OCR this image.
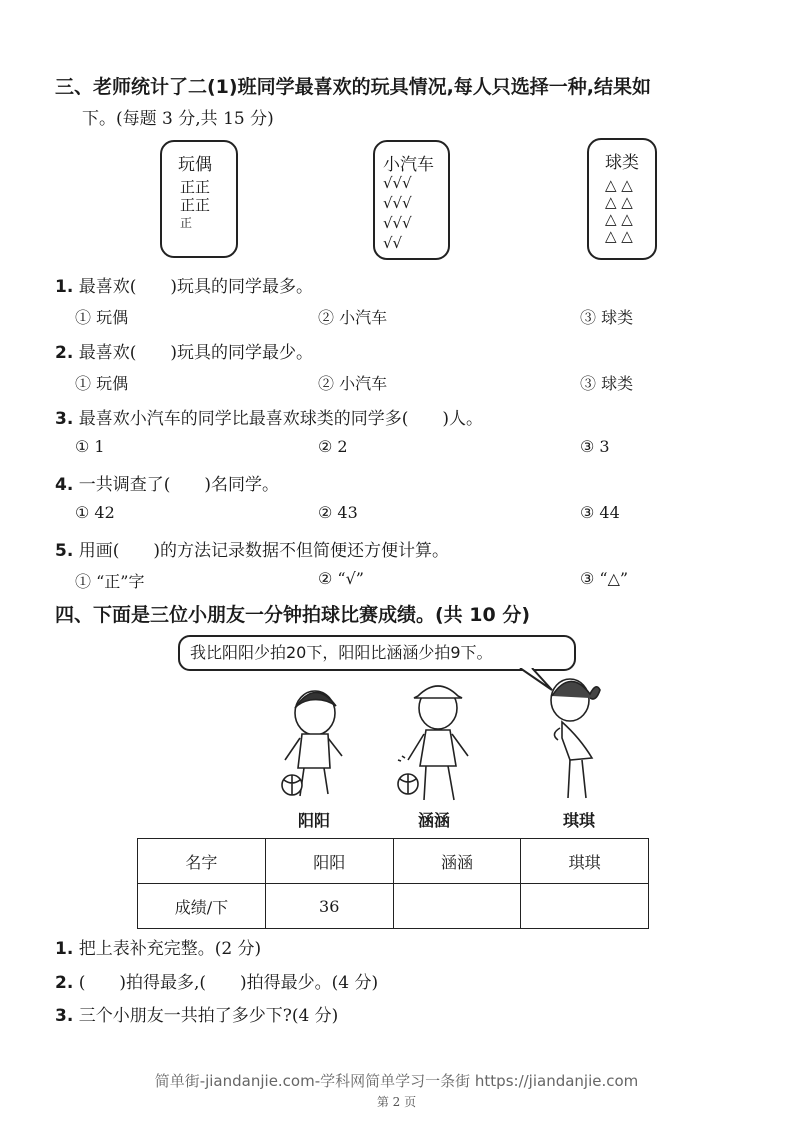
三、老师统计了二(1)班同学最喜欢的玩具情况,每人只选择一种,结果如
下。(每题 3 分,共 15 分)
玩偶
正正
正正
正
小汽车
√√√
√√√
√√√
√√
球类
△ △
△ △
△ △
△ △
1. 最喜欢(　　)玩具的同学最多。
① 玩偶	② 小汽车	③ 球类
2. 最喜欢(　　)玩具的同学最少。
① 玩偶	② 小汽车	③ 球类
3. 最喜欢小汽车的同学比最喜欢球类的同学多(　　)人。
① 1	② 2	③ 3
4. 一共调查了(　　)名同学。
① 42	② 43	③ 44
5. 用画(　　)的方法记录数据不但简便还方便计算。
① “正”字	② “√”	③ “△”
四、下面是三位小朋友一分钟拍球比赛成绩。(共 10 分)
我比阳阳少拍20下，阳阳比涵涵少拍9下。
阳阳	涵涵	琪琪
名字	阳阳	涵涵	琪琪
成绩/下	36		
1. 把上表补充完整。(2 分)
2. (　　)拍得最多,(　　)拍得最少。(4 分)
3. 三个小朋友一共拍了多少下?(4 分)
简单街-jiandanjie.com-学科网简单学习一条街 https://jiandanjie.com
第 2 页
